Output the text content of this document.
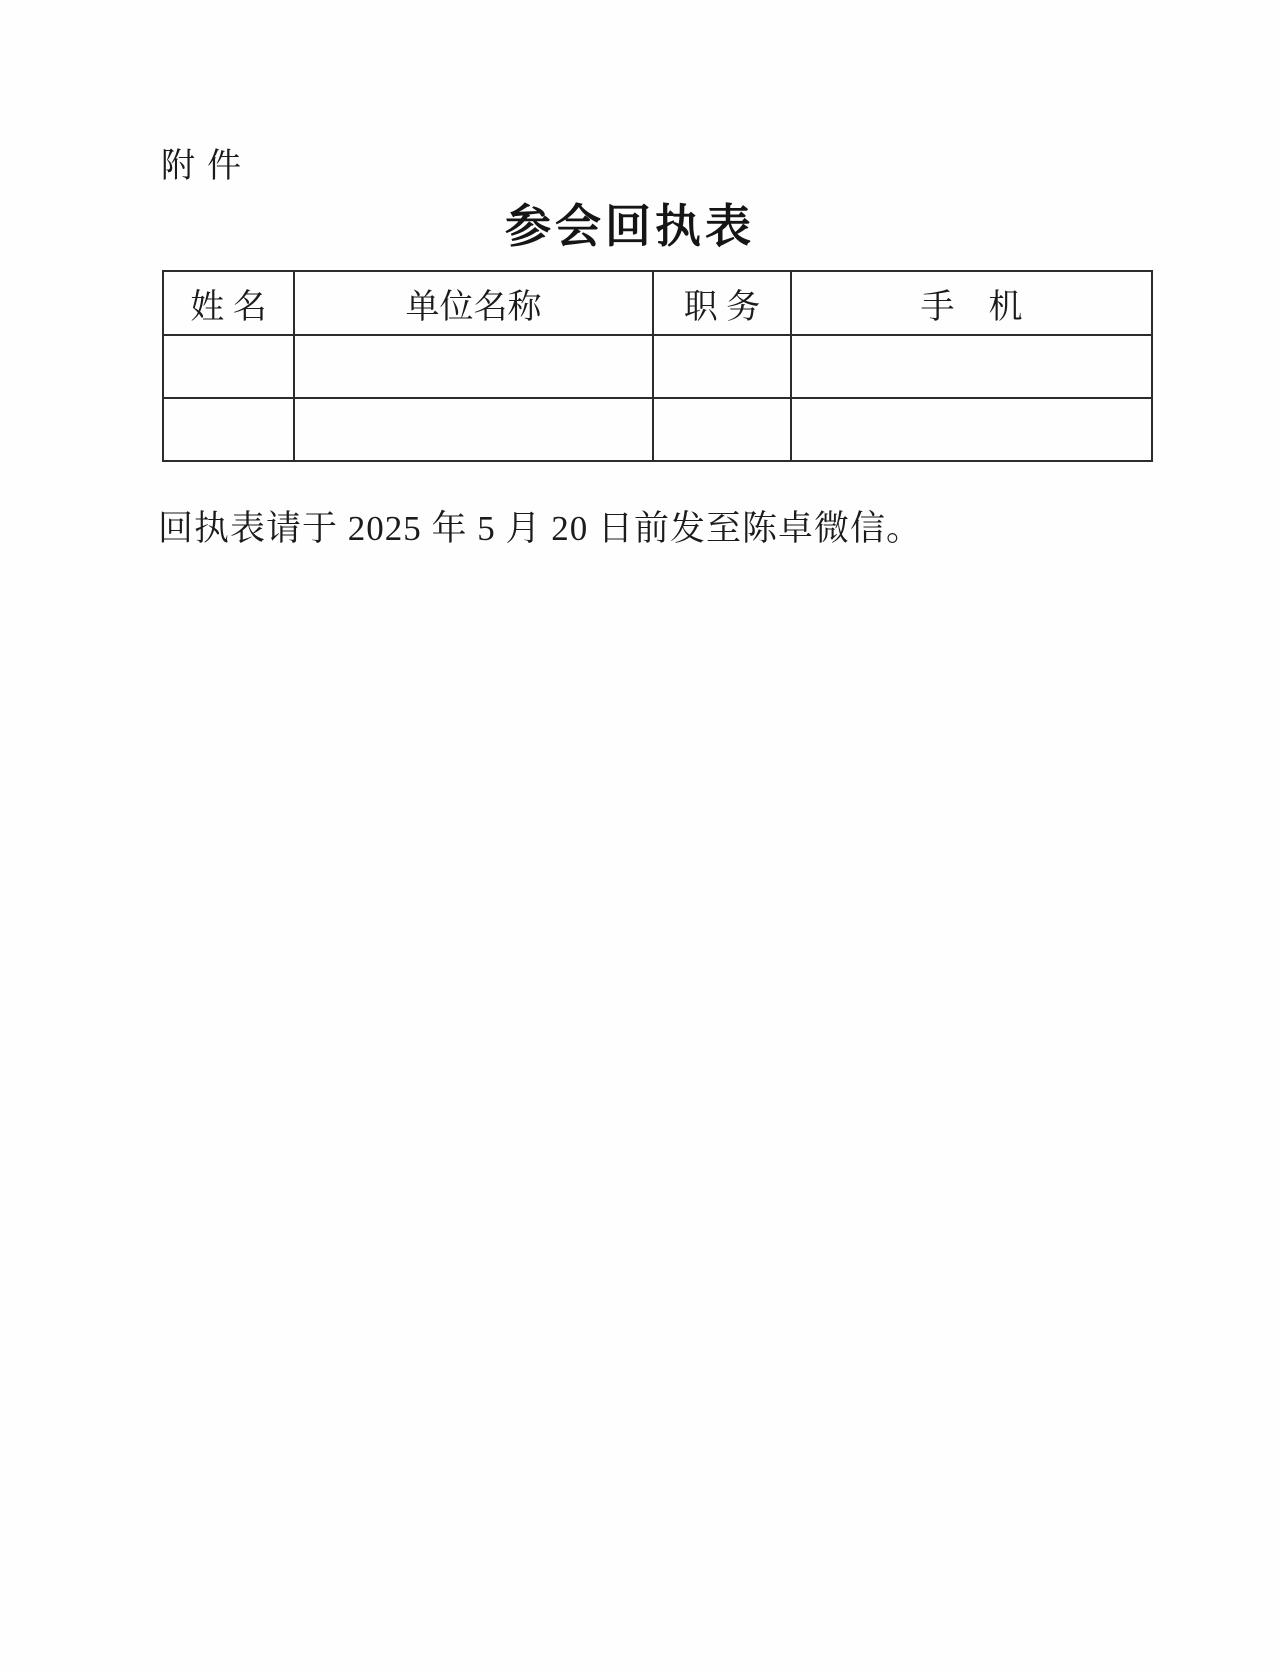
附件
参会回执表
姓 名	单位名称	职 务	手　机

回执表请于 2025 年 5 月 20 日前发至陈卓微信。
